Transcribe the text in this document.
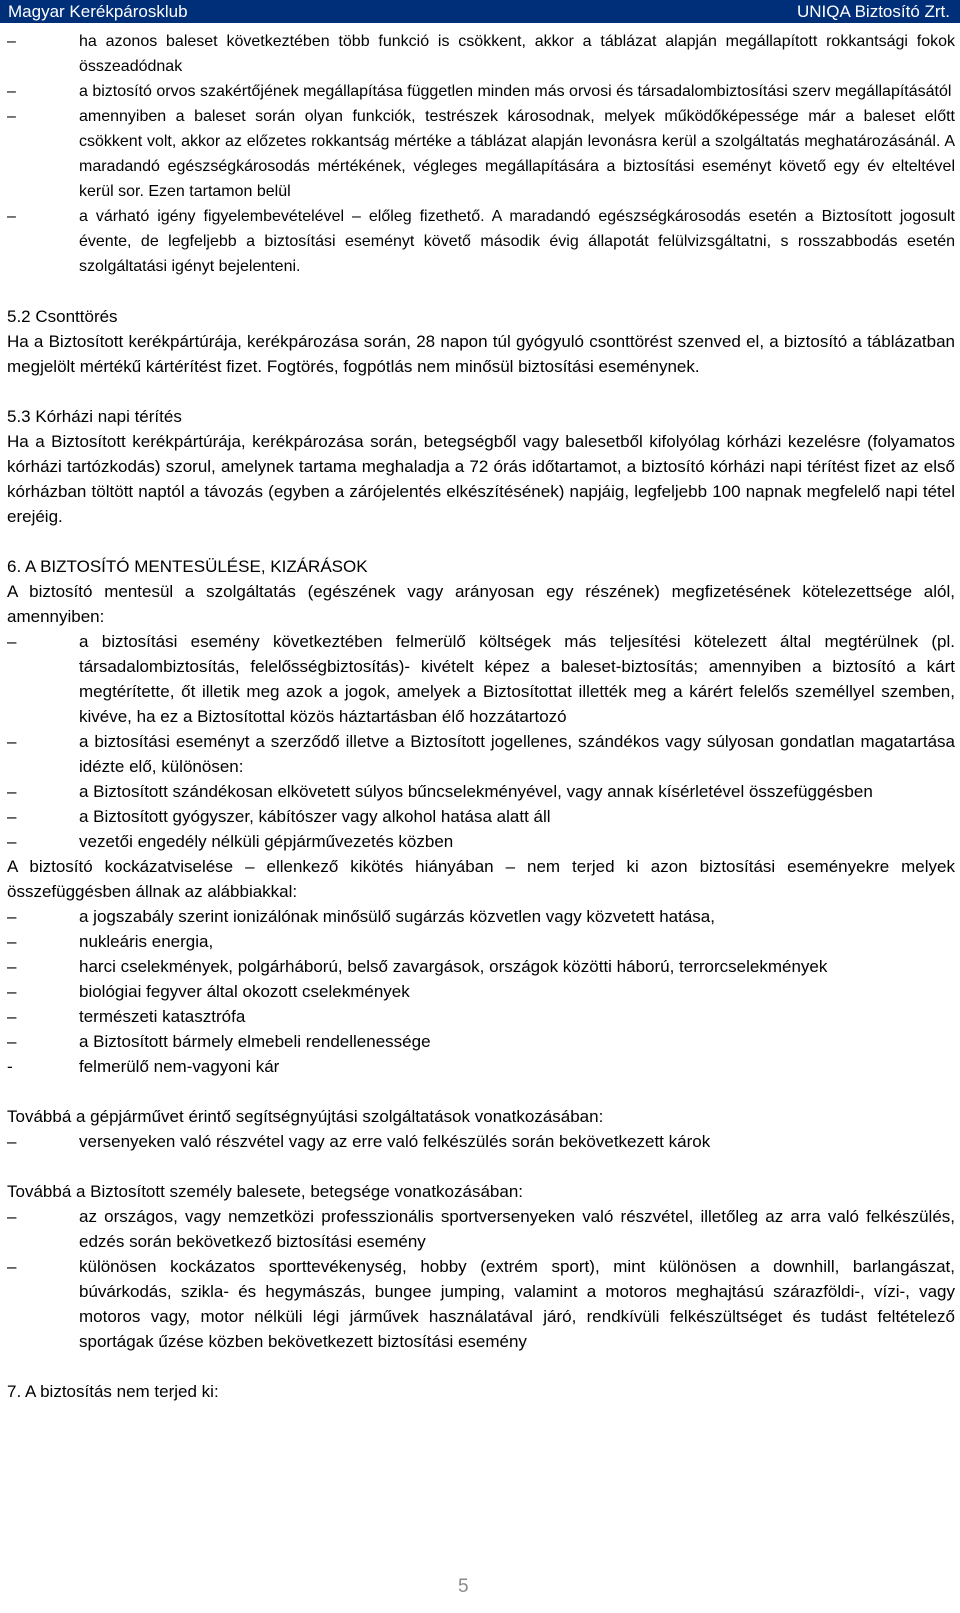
Magyar Kerékpárosklub	UNIQA Biztosító Zrt.
–	ha azonos baleset következtében több funkció is csökkent, akkor a táblázat alapján megállapított rokkantsági fokok összeadódnak
–	a biztosító orvos szakértőjének megállapítása független minden más orvosi és társadalombiztosítási szerv megállapításától
–	amennyiben a baleset során olyan funkciók, testrészek károsodnak, melyek működőképessége már a baleset előtt csökkent volt, akkor az előzetes rokkantság mértéke a táblázat alapján levonásra kerül a szolgáltatás meghatározásánál. A maradandó egészségkárosodás mértékének, végleges megállapítására a biztosítási eseményt követő egy év elteltével kerül sor. Ezen tartamon belül
–	a várható igény figyelembevételével – előleg fizethető. A maradandó egészségkárosodás esetén a Biztosított jogosult évente, de legfeljebb a biztosítási eseményt követő második évig állapotát felülvizsgáltatni, s rosszabbodás esetén szolgáltatási igényt bejelenteni.
5.2 Csonttörés
Ha a Biztosított kerékpártúrája, kerékpározása során, 28 napon túl gyógyuló csonttörést szenved el, a biztosító a táblázatban megjelölt mértékű kártérítést fizet. Fogtörés, fogpótlás nem minősül biztosítási eseménynek.
5.3 Kórházi napi térítés
Ha a Biztosított kerékpártúrája, kerékpározása során, betegségből vagy balesetből kifolyólag kórházi kezelésre (folyamatos kórházi tartózkodás) szorul, amelynek tartama meghaladja a 72 órás időtartamot, a biztosító kórházi napi térítést fizet az első kórházban töltött naptól a távozás (egyben a zárójelentés elkészítésének) napjáig, legfeljebb 100 napnak megfelelő napi tétel erejéig.
6. A BIZTOSÍTÓ MENTESÜLÉSE, KIZÁRÁSOK
A biztosító mentesül a szolgáltatás (egészének vagy arányosan egy részének) megfizetésének kötelezettsége alól, amennyiben:
–	a biztosítási esemény következtében felmerülő költségek más teljesítési kötelezett által megtérülnek (pl. társadalombiztosítás, felelősségbiztosítás)- kivételt képez a baleset-biztosítás; amennyiben a biztosító a kárt megtérítette, őt illetik meg azok a jogok, amelyek a Biztosítottat illették meg a kárért felelős személlyel szemben, kivéve, ha ez a Biztosítottal közös háztartásban élő hozzátartozó
–	a biztosítási eseményt a szerződő illetve a Biztosított jogellenes, szándékos vagy súlyosan gondatlan magatartása idézte elő, különösen:
–	a Biztosított szándékosan elkövetett súlyos bűncselekményével, vagy annak kísérletével összefüggésben
–	a Biztosított gyógyszer, kábítószer vagy alkohol hatása alatt áll
–	vezetői engedély nélküli gépjárművezetés közben
A biztosító kockázatviselése – ellenkező kikötés hiányában – nem terjed ki azon biztosítási eseményekre melyek összefüggésben állnak az alábbiakkal:
–	a jogszabály szerint ionizálónak minősülő sugárzás közvetlen vagy közvetett hatása,
–	nukleáris energia,
–	harci cselekmények, polgárháború, belső zavargások, országok közötti háború, terrorcselekmények
–	biológiai fegyver által okozott cselekmények
–	természeti katasztrófa
–	a Biztosított bármely elmebeli rendellenessége
-	felmerülő nem-vagyoni kár
Továbbá a gépjárművet érintő segítségnyújtási szolgáltatások vonatkozásában:
–	versenyeken való részvétel vagy az erre való felkészülés során bekövetkezett károk
Továbbá a Biztosított személy balesete, betegsége vonatkozásában:
–	az országos, vagy nemzetközi professzionális sportversenyeken való részvétel, illetőleg az arra való felkészülés, edzés során bekövetkező biztosítási esemény
–	különösen kockázatos sporttevékenység, hobby (extrém sport), mint különösen a downhill, barlangászat, búvárkodás, szikla- és hegymászás, bungee jumping, valamint a motoros meghajtású szárazföldi-, vízi-, vagy motoros vagy, motor nélküli légi járművek használatával járó, rendkívüli felkészültséget és tudást feltételező sportágak űzése közben bekövetkezett biztosítási esemény
7. A biztosítás nem terjed ki:
5
